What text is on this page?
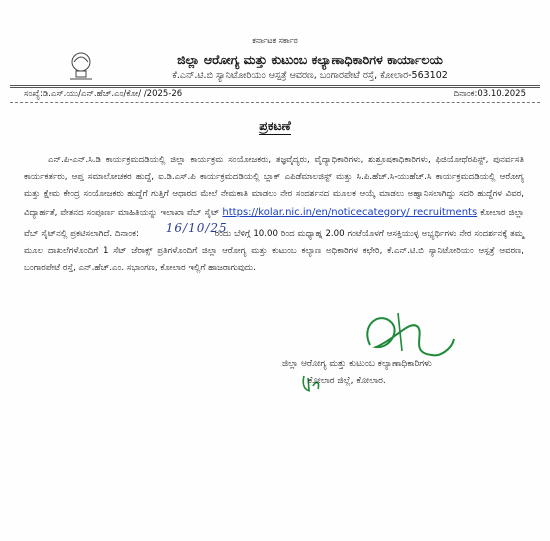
ಕರ್ನಾಟಕ ಸರ್ಕಾರ
ಜಿಲ್ಲಾ ಆರೋಗ್ಯ ಮತ್ತು ಕುಟುಂಬ ಕಲ್ಯಾಣಾಧಿಕಾರಿಗಳ ಕಾರ್ಯಾಲಯ
ಕೆ.ಎನ್.ಟಿ.ಬಿ ಸ್ಯಾನಿಟೋರಿಯಂ ಆಸ್ಪತ್ರೆ ಆವರಣ, ಬಂಗಾರಪೇಟೆ ರಸ್ತೆ, ಕೋಲಾರ-563102
ಸಂಖ್ಯೆ:ಡಿ.ಎಸ್.ಯು/ಎನ್.ಹೆಚ್.ಎಂ/ಕೋ/ /2025-26	ದಿನಾಂಕ:03.10.2025
ಪ್ರಕಟಣೆ
ಎನ್.ಪಿ-ಎನ್.ಸಿ.ಡಿ ಕಾರ್ಯಕ್ರಮದಡಿಯಲ್ಲಿ ಜಿಲ್ಲಾ ಕಾರ್ಯಕ್ರಮ ಸಂಯೋಜಕರು, ತಜ್ಞವೈದ್ಯರು, ವೈದ್ಯಾಧಿಕಾರಿಗಳು, ಶುಶ್ರೂಷಕಾಧಿಕಾರಿಗಳು, ಫಿಜಿಯೋಥೆರಪಿಸ್ಟ್, ಪುನರ್ವಸತಿ ಕಾರ್ಯಕರ್ತರು, ಆಪ್ತ ಸಮಾಲೋಚಕರ ಹುದ್ದೆ, ಐ.ಡಿ.ಎಸ್.ಪಿ ಕಾರ್ಯಕ್ರಮದಡಿಯಲ್ಲಿ ಬ್ಲಾಕ್ ಎಪಿಡೆಮಾಲಜಿಸ್ಟ್ ಮತ್ತು ಸಿ.ಪಿ.ಹೆಚ್.ಸಿ-ಯುಹೆಚ್.ಸಿ ಕಾರ್ಯಕ್ರಮದಡಿಯಲ್ಲಿ ಆರೋಗ್ಯ ಮತ್ತು ಕ್ಷೇಮ ಕೇಂದ್ರ ಸಂಯೋಜಕರು ಹುದ್ದೆಗೆ ಗುತ್ತಿಗೆ ಆಧಾರದ ಮೇಲೆ ನೇಮಕಾತಿ ಮಾಡಲು ನೇರ ಸಂದರ್ಶನದ ಮೂಲಕ ಆಯ್ಕೆ ಮಾಡಲು ಅಹ್ವಾನಿಸಲಾಗಿದ್ದು ಸದರಿ ಹುದ್ದೆಗಳ ವಿವರ, ವಿದ್ಯಾರ್ಹತೆ, ವೇತನದ ಸಂಪೂರ್ಣ ಮಾಹಿತಿಯನ್ನು ಇಲಾಖಾ ವೆಬ್ ಸೈಟ್ https://kolar.nic.in/en/noticecategory/ recruitments ಕೋಲಾರ ಜಿಲ್ಲಾ ವೆಬ್ ಸೈಟ್‌ನಲ್ಲಿ ಪ್ರಕಟಿಸಲಾಗಿದೆ. ದಿನಾಂಕ:	16/10/25
ರಂದು ಬೆಳಿಗ್ಗೆ 10.00 ರಿಂದ ಮಧ್ಯಾಹ್ನ 2.00 ಗಂಟೆಯೊಳಗೆ ಆಸಕ್ತಿಯುಳ್ಳ ಅಭ್ಯರ್ಥಿಗಳು ನೇರ ಸಂದರ್ಶನಕ್ಕೆ ತಮ್ಮ ಮೂಲ ದಾಖಲೆಗಳೊಂದಿಗೆ 1 ಸೆಟ್ ಜೆರಾಕ್ಸ್ ಪ್ರತಿಗಳೊಂದಿಗೆ ಜಿಲ್ಲಾ ಆರೋಗ್ಯ ಮತ್ತು ಕುಟುಂಬ ಕಲ್ಯಾಣ ಅಧಿಕಾರಿಗಳ ಕಛೇರಿ, ಕೆ.ಎನ್.ಟಿ.ಬಿ ಸ್ಯಾನಿಟೋರಿಯಂ ಆಸ್ಪತ್ರೆ ಆವರಣ, ಬಂಗಾರಪೇಟೆ ರಸ್ತೆ, ಎನ್.ಹೆಚ್.ಎಂ. ಸಭಾಂಗಣ, ಕೋಲಾರ ಇಲ್ಲಿಗೆ ಹಾಜರಾಗುವುದು.
ಜಿಲ್ಲಾ ಆರೋಗ್ಯ ಮತ್ತು ಕುಟುಂಬ ಕಲ್ಯಾಣಾಧಿಕಾರಿಗಳು
ಕೋಲಾರ ಜಿಲ್ಲೆ, ಕೋಲಾರ.
